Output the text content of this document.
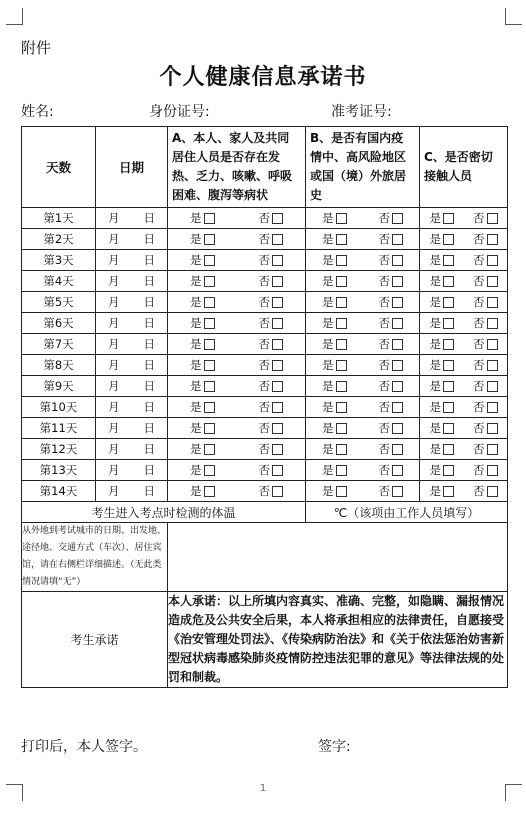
附件
个人健康信息承诺书
姓名:	身份证号:	准考证号:
天数	日期	A、本人、家人及共同居住人员是否存在发热、乏力、咳嗽、呼吸困难、腹泻等病状	B、是否有国内疫情中、高风险地区或国（境）外旅居史	C、是否密切接触人员
第1天	月 日	是 否	是 否	是 否

第2天	月 日	是 否	是 否	是 否

第3天	月 日	是 否	是 否	是 否

第4天	月 日	是 否	是 否	是 否

第5天	月 日	是 否	是 否	是 否

第6天	月 日	是 否	是 否	是 否

第7天	月 日	是 否	是 否	是 否

第8天	月 日	是 否	是 否	是 否

第9天	月 日	是 否	是 否	是 否

第10天	月 日	是 否	是 否	是 否

第11天	月 日	是 否	是 否	是 否

第12天	月 日	是 否	是 否	是 否

第13天	月 日	是 否	是 否	是 否

第14天	月 日	是 否	是 否	是 否

考生进入考点时检测的体温			℃（该项由工作人员填写）	
从外地到考试城市的日期、出发地、途径地、交通方式（车次）、居住宾馆，请在右侧栏详细描述。（无此类情况请填“无”）				
考生承诺		本人承诺：以上所填内容真实、准确、完整，如隐瞒、漏报情况造成危及公共安全后果，本人将承担相应的法律责任，自愿接受《治安管理处罚法》、《传染病防治法》和《关于依法惩治妨害新型冠状病毒感染肺炎疫情防控违法犯罪的意见》等法律法规的处罚和制裁。		
打印后，本人签字。	签字:
1
